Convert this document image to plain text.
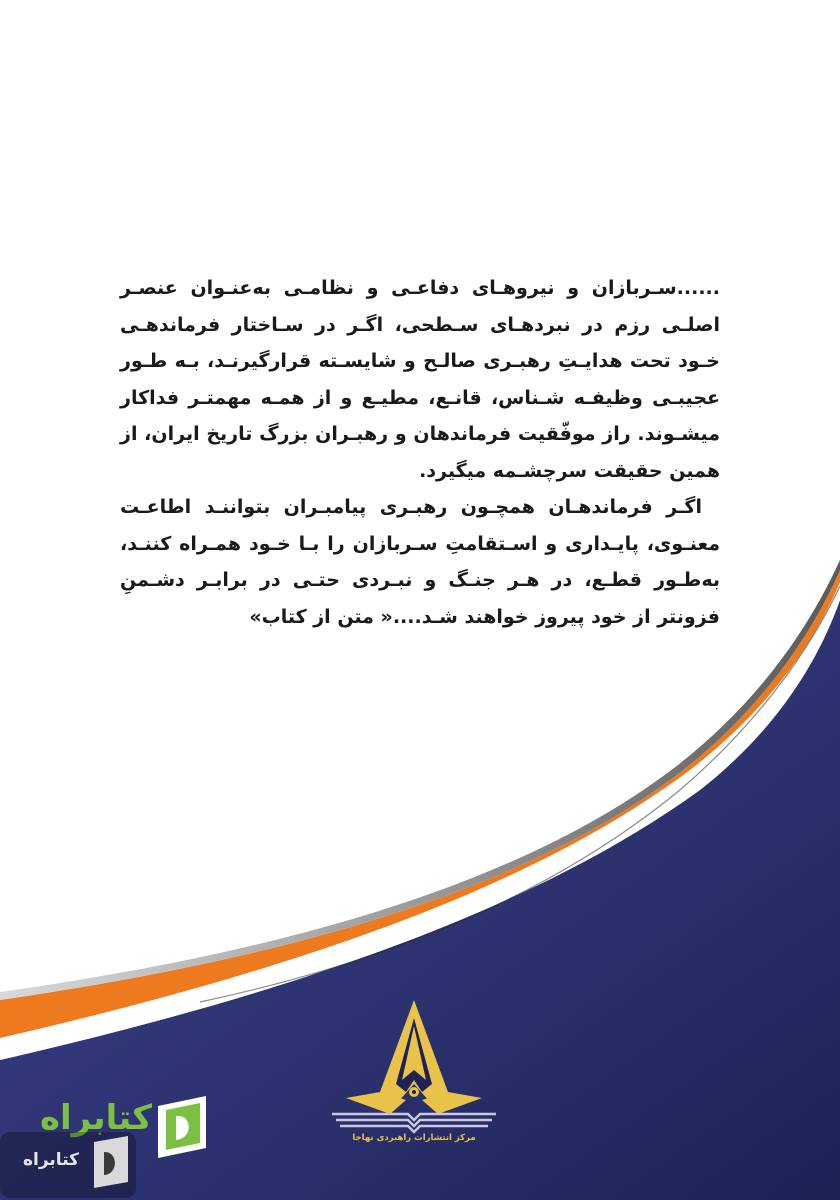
......سـربازان و نیروهـای دفاعـی و نظامـی به‌عنـوان عنصـر اصلـی رزم در نبردهـای سـطحی، اگـر در سـاختار فرماندهـی خـود تحت هدایـتِ رهبـری صالـح و شایسـته قرارگیرنـد، بـه طـور عجیبـی وظیفـه شـناس، قانـع، مطیـع و از همـه مهمتـر فداکار میشـوند. راز موفّقیت فرماندهان و رهبـران بزرگ تاریخ ایران، از همین حقیقت سرچشـمه میگیرد.

اگـر فرماندهـان همچـون رهبـری پیامبـران بتواننـد اطاعـت معنـوی، پایـداری و اسـتقامتِ سـربازان را بـا خـود همـراه کننـد، به‌طـور قطـع، در هـر جنـگ و نبـردی حتـی در برابـر دشـمنِ فزونتر از خود پیروز خواهند شـد....« متن از کتاب»

مرکز انتشارات راهبردی نهاجا
کتابراه
کتابراه
